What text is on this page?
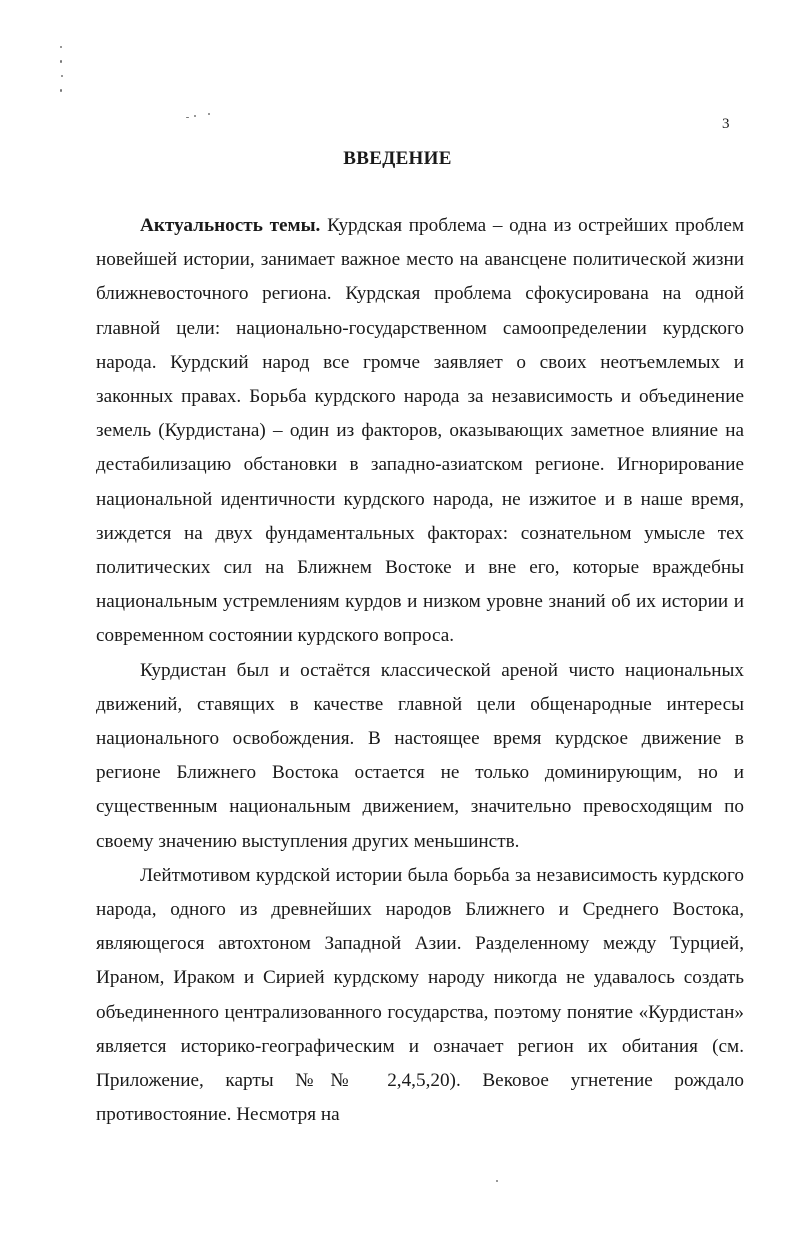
3
ВВЕДЕНИЕ

Актуальность темы. Курдская проблема – одна из острейших проблем новейшей истории, занимает важное место на авансцене политической жизни ближневосточного региона. Курдская проблема сфокусирована на одной главной цели: национально-государственном самоопределении курдского народа. Курдский народ все громче заявляет о своих неотъемлемых и законных правах. Борьба курдского народа за независимость и объединение земель (Курдистана) – один из факторов, оказывающих заметное влияние на дестабилизацию обстановки в западно-азиатском регионе. Игнорирование национальной идентичности курдского народа, не изжитое и в наше время, зиждется на двух фундаментальных факторах: сознательном умысле тех политических сил на Ближнем Востоке и вне его, которые враждебны национальным устремлениям курдов и низком уровне знаний об их истории и современном состоянии курдского вопроса.

Курдистан был и остаётся классической ареной чисто национальных движений, ставящих в качестве главной цели общенародные интересы национального освобождения. В настоящее время курдское движение в регионе Ближнего Востока остается не только доминирующим, но и существенным национальным движением, значительно превосходящим по своему значению выступления других меньшинств.

Лейтмотивом курдской истории была борьба за независимость курдского народа, одного из древнейших народов Ближнего и Среднего Востока, являющегося автохтоном Западной Азии. Разделенному между Турцией, Ираном, Ираком и Сирией курдскому народу никогда не удавалось создать объединенного централизованного государства, поэтому понятие «Курдистан» является историко-географическим и означает регион их обитания (см. Приложение, карты №№ 2,4,5,20). Вековое угнетение рождало противостояние. Несмотря на
